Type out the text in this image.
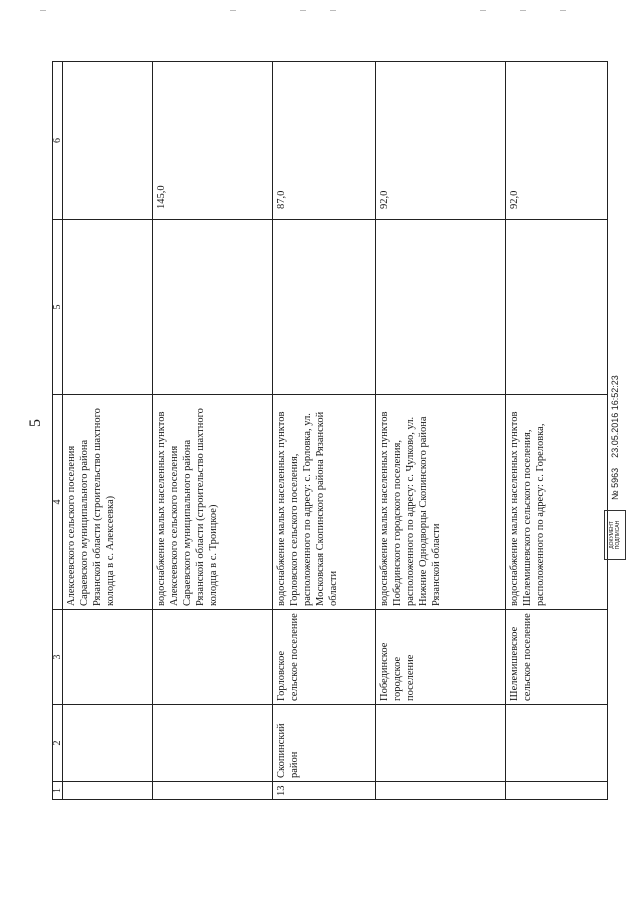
5
1	2	3	4	5	6
			Алексеевского сельского поселения Сараевского муниципального района Рязанской области (строительство шахтного колодца в с. Алексеевка)		
			водоснабжение малых населенных пунктов Алексеевского сельского поселения Сараевского муниципального района Рязанской области (строительство шахтного колодца в с. Троицкое)		145,0
13	Скопинский район	Горловское сельское поселение	водоснабжение малых населенных пунктов Горловского сельского поселения, расположенного по адресу: с. Горловка, ул. Московская Скопинского района Рязанской области		87,0
		Побединское городское поселение	водоснабжение малых населенных пунктов Побединского городского поселения, расположенного по адресу: с. Чулково, ул. Нижние Однодворцы Скопинского района Рязанской области		92,0
		Шелемишевское сельское поселение	водоснабжение малых населенных пунктов Шелемишевского сельского поселения, расположенного по адресу: с. Гореловка,		92,0
ДОКУМЕНТ ПОДПИСАН
№ 5963
23.05.2016 16:52:23
